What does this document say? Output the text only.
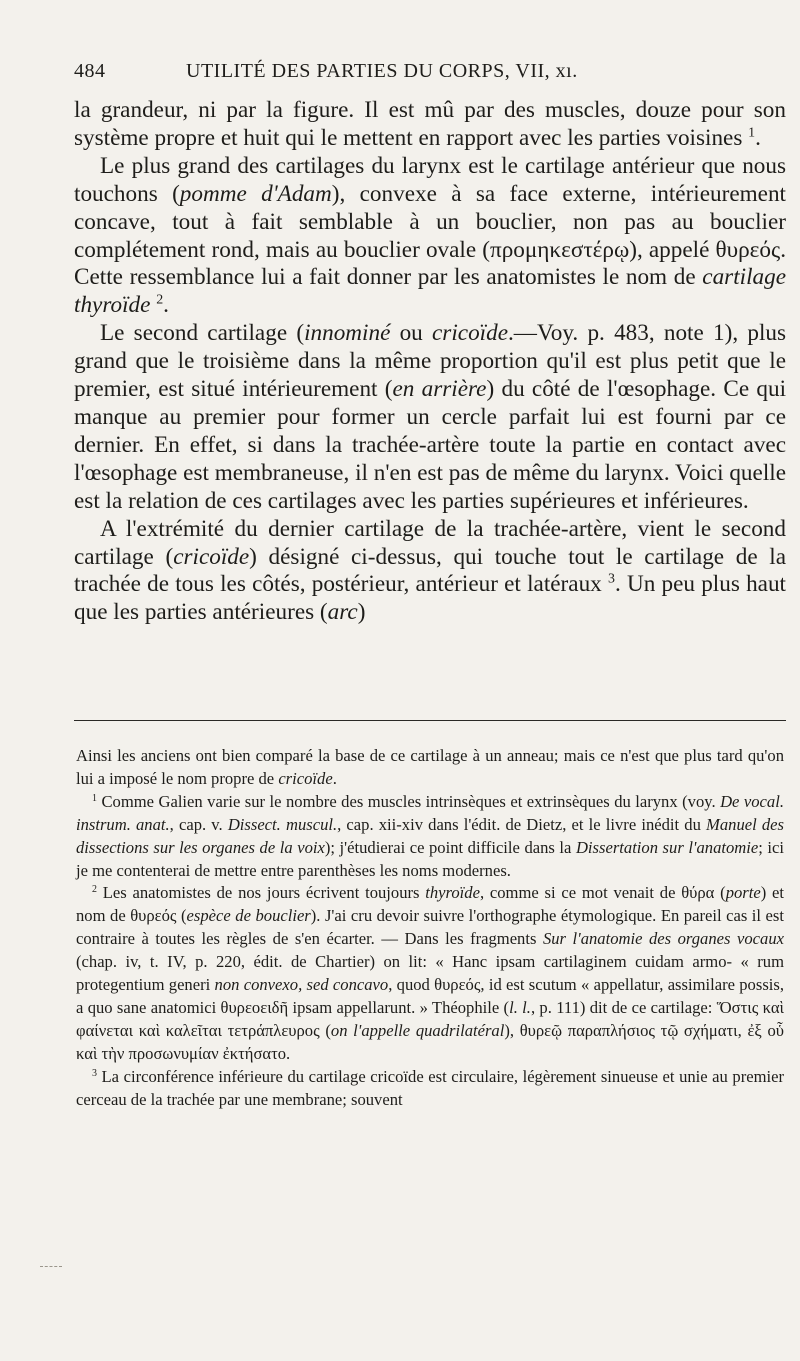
484	UTILITÉ DES PARTIES DU CORPS, VII, xı.

la grandeur, ni par la figure. Il est mû par des muscles, douze pour son système propre et huit qui le mettent en rapport avec les parties voisines $^1$.

Le plus grand des cartilages du larynx est le cartilage antérieur que nous touchons (pomme d'Adam), convexe à sa face externe, intérieurement concave, tout à fait semblable à un bouclier, non pas au bouclier complétement rond, mais au bouclier ovale (προμηκεστέρῳ), appelé θυρεός. Cette ressemblance lui a fait donner par les anatomistes le nom de cartilage thyroïde $^2$.

Le second cartilage (innominé ou cricoïde.—Voy. p. 483, note 1), plus grand que le troisième dans la même proportion qu'il est plus petit que le premier, est situé intérieurement (en arrière) du côté de l'œsophage. Ce qui manque au premier pour former un cercle parfait lui est fourni par ce dernier. En effet, si dans la trachée-artère toute la partie en contact avec l'œsophage est membraneuse, il n'en est pas de même du larynx. Voici quelle est la relation de ces cartilages avec les parties supérieures et inférieures.

A l'extrémité du dernier cartilage de la trachée-artère, vient le second cartilage (cricoïde) désigné ci-dessus, qui touche tout le cartilage de la trachée de tous les côtés, postérieur, antérieur et latéraux $^3$. Un peu plus haut que les parties antérieures (arc)

Ainsi les anciens ont bien comparé la base de ce cartilage à un anneau; mais ce n'est que plus tard qu'on lui a imposé le nom propre de cricoïde.

$^1$ Comme Galien varie sur le nombre des muscles intrinsèques et extrinsèques du larynx (voy. De vocal. instrum. anat., cap. v. Dissect. muscul., cap. xii-xiv dans l'édit. de Dietz, et le livre inédit du Manuel des dissections sur les organes de la voix); j'étudierai ce point difficile dans la Dissertation sur l'anatomie; ici je me contenterai de mettre entre parenthèses les noms modernes.

$^2$ Les anatomistes de nos jours écrivent toujours thyroïde, comme si ce mot venait de θύρα (porte) et nom de θυρεός (espèce de bouclier). J'ai cru devoir suivre l'orthographe étymologique. En pareil cas il est contraire à toutes les règles de s'en écarter. — Dans les fragments Sur l'anatomie des organes vocaux (chap. iv, t. IV, p. 220, édit. de Chartier) on lit: « Hanc ipsam cartilaginem cuidam armo- « rum protegentium generi non convexo, sed concavo, quod θυρεός, id est scutum « appellatur, assimilare possis, a quo sane anatomici θυρεοειδῆ ipsam appellarunt. » Théophile (l. l., p. 111) dit de ce cartilage: Ὅστις καὶ φαίνεται καὶ καλεῖται τετράπλευρος (on l'appelle quadrilatéral), θυρεῷ παραπλήσιος τῷ σχήματι, ἐξ οὗ καὶ τὴν προσωνυμίαν ἐκτήσατο.

$^3$ La circonférence inférieure du cartilage cricoïde est circulaire, légèrement sinueuse et unie au premier cerceau de la trachée par une membrane; souvent
